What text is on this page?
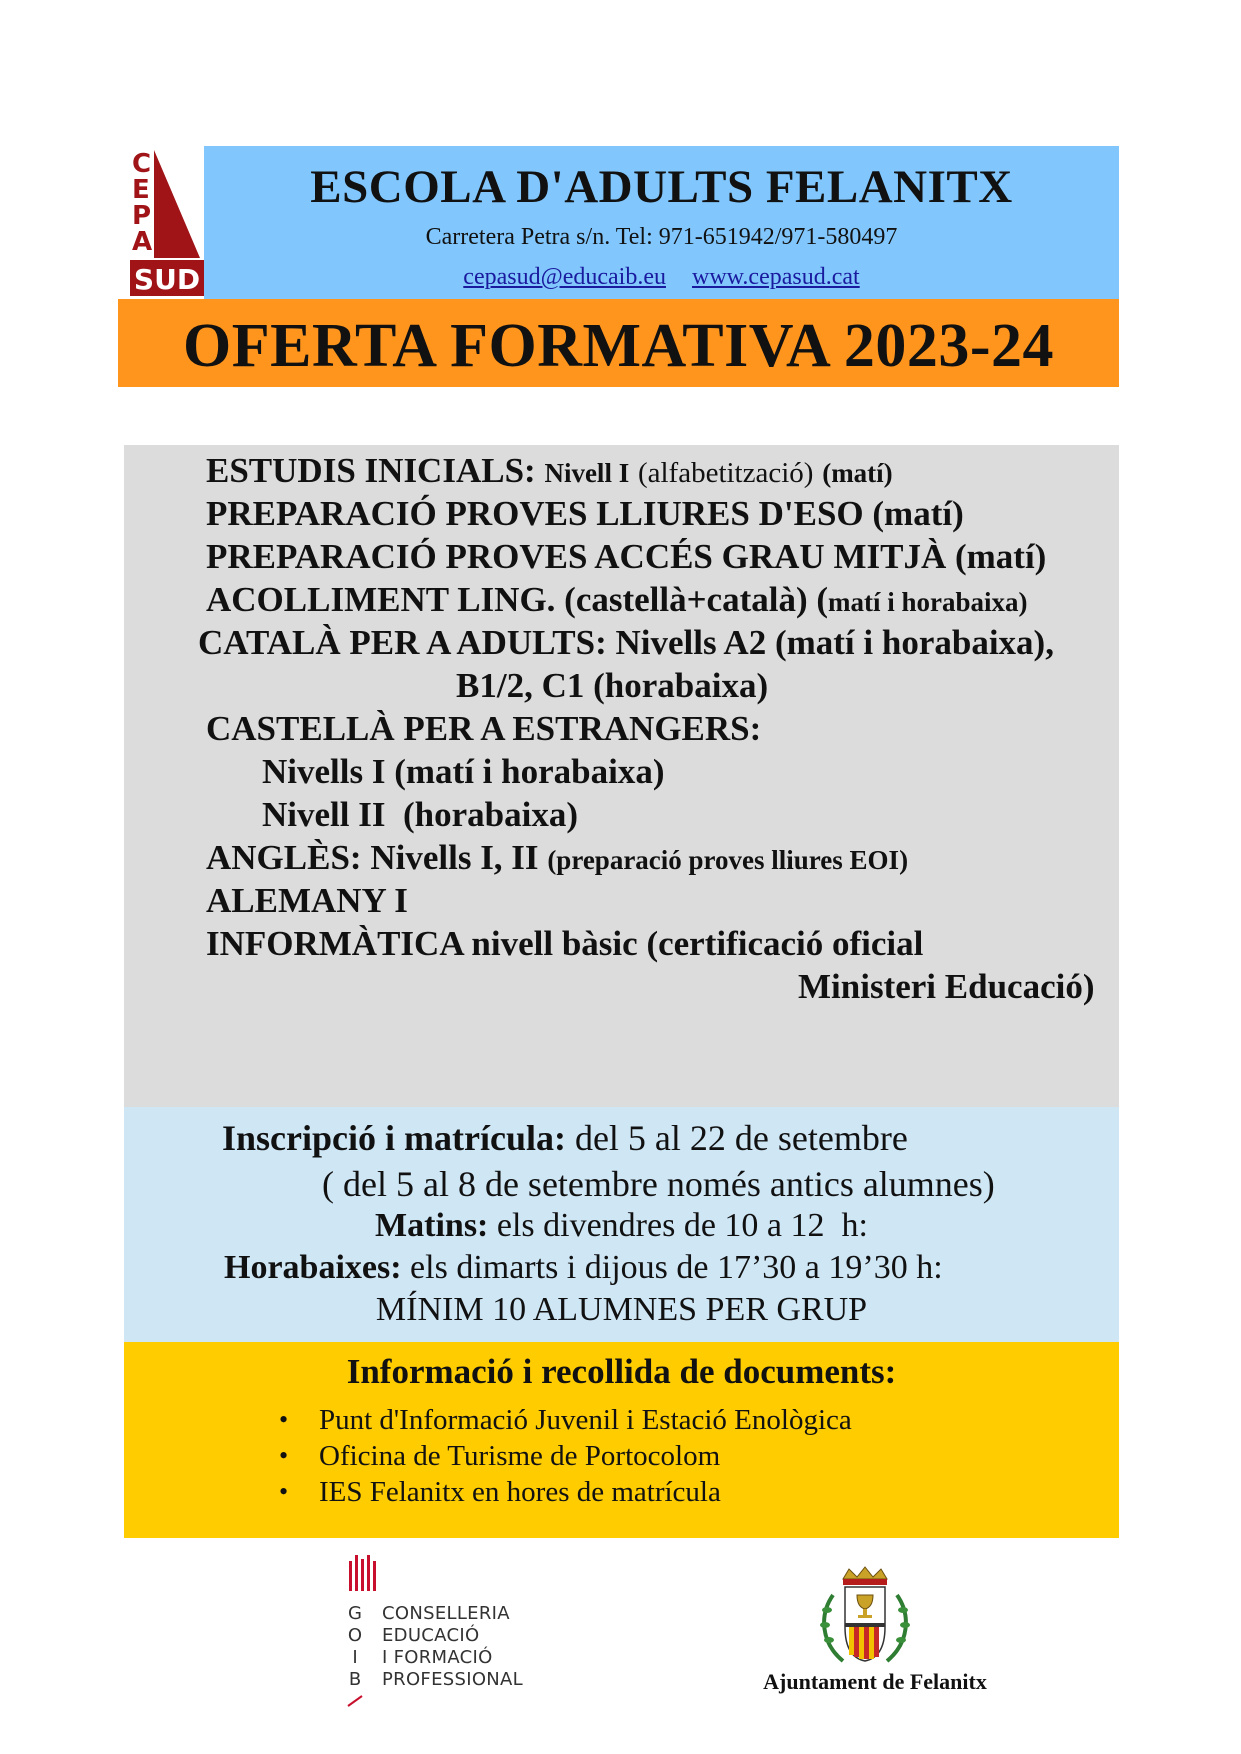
C
E
P
A
SUD
ESCOLA D'ADULTS FELANITX
Carretera Petra s/n. Tel: 971-651942/971-580497
cepasud@educaib.eu www.cepasud.cat
OFERTA FORMATIVA 2023-24
ESTUDIS INICIALS: Nivell I (alfabetització) (matí)
PREPARACIÓ PROVES LLIURES D'ESO (matí)
PREPARACIÓ PROVES ACCÉS GRAU MITJÀ (matí)
ACOLLIMENT LING. (castellà+català) (matí i horabaixa)
CATALÀ PER A ADULTS: Nivells A2 (matí i horabaixa),
B1/2, C1 (horabaixa)
CASTELLÀ PER A ESTRANGERS:
Nivells I (matí i horabaixa)
Nivell II  (horabaixa)
ANGLÈS: Nivells I, II (preparació proves lliures EOI)
ALEMANY I
INFORMÀTICA nivell bàsic (certificació oficial
Ministeri Educació)
Inscripció i matrícula: del 5 al 22 de setembre
( del 5 al 8 de setembre només antics alumnes)
Matins: els divendres de 10 a 12  h:
Horabaixes: els dimarts i dijous de 17’30 a 19’30 h:
MÍNIM 10 ALUMNES PER GRUP
Informació i recollida de documents:
• Punt d'Informació Juvenil i Estació Enològica
• Oficina de Turisme de Portocolom
• IES Felanitx en hores de matrícula
G
O
I
B
CONSELLERIA
EDUCACIÓ
I FORMACIÓ
PROFESSIONAL	Ajuntament de Felanitx
